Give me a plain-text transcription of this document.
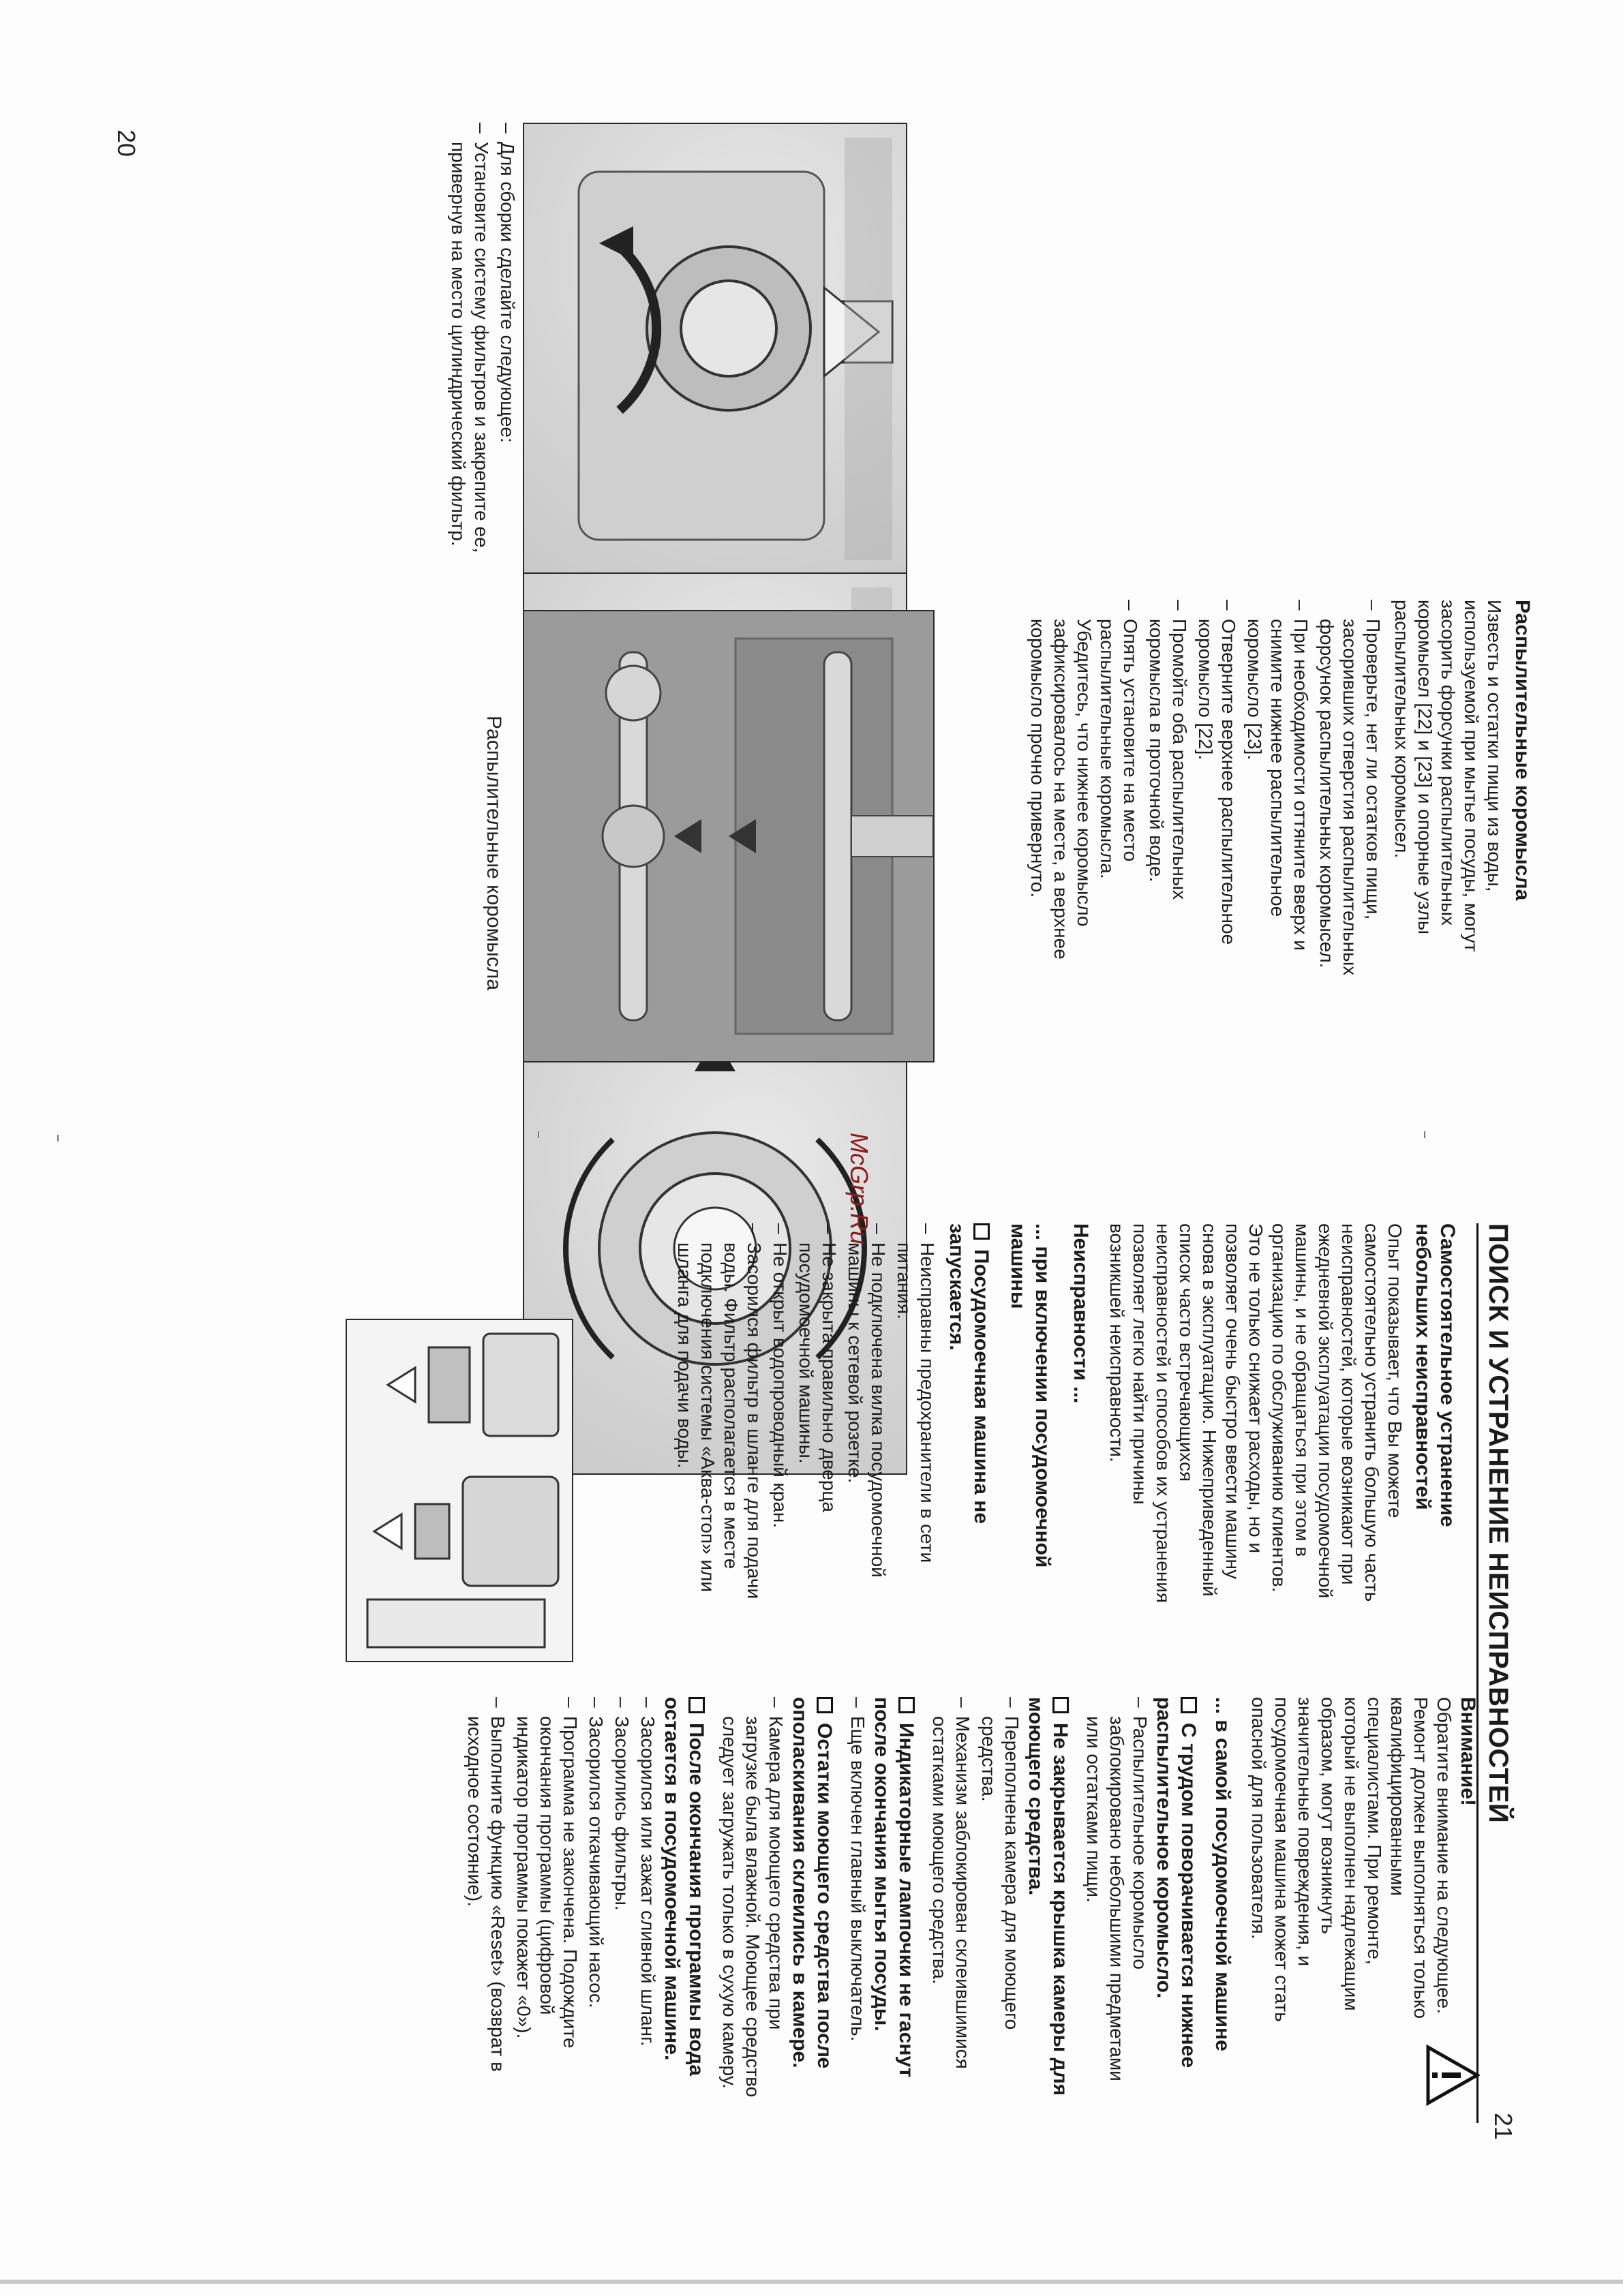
20
21
– Для сборки сделайте следующее:
– Установите систему фильтров и закрепите ее, привернув на место цилиндрический фильтр.
Распылительные коромысла
Известь и остатки пищи из воды, используемой при мытье посуды, могут засорить форсунки распылительных коромысел [22] и [23] и опорные узлы распылительных коромысел.
– Проверьте, нет ли остатков пищи, засоривших отверстия распылительных форсунок распылительных коромысел.
– При необходимости оттяните вверх и снимите нижнее распылительное коромысло [23].
– Отверните верхнее распылительное коромысло [22].
– Промойте оба распылительных коромысла в проточной воде.
– Опять установите на место распылительные коромысла. Убедитесь, что нижнее коромысло зафиксировалось на месте, а верхнее коромысло прочно привернуто.
Распылительные коромысла
McGrp.Ru
ПОИСК И УСТРАНЕНИЕ НЕИСПРАВНОСТЕЙ
Самостоятельное устранение небольших неисправностей
Опыт показывает, что Вы можете самостоятельно устранить большую часть неисправностей, которые возникают при ежедневной эксплуатации посудомоечной машины, и не обращаться при этом в организацию по обслуживанию клиентов. Это не только снижает расходы, но и позволяет очень быстро ввести машину снова в эксплуатацию. Нижеприведенный список часто встречающихся неисправностей и способов их устранения позволяет легко найти причины возникшей неисправности.
Неисправности ...
... при включении посудомоечной машины
Посудомоечная машина не запускается.
– Неисправны предохранители в сети питания.
– Не подключена вилка посудомоечной машины к сетевой розетке.
– Не закрыта правильно дверца посудомоечной машины.
– Не открыт водопроводный кран.
– Засорился фильтр в шланге для подачи воды. Фильтр располагается в месте подключения системы «Аква-стоп» или шланга для подачи воды.
Внимание!
Обратите внимание на следующее. Ремонт должен выполняться только квалифицированными специалистами. При ремонте, который не выполнен надлежащим образом, могут возникнуть значительные повреждения, и посудомоечная машина может стать опасной для пользователя.
... в самой посудомоечной машине
С трудом поворачивается нижнее распылительное коромысло.
– Распылительное коромысло заблокировано небольшими предметами или остатками пищи.
Не закрывается крышка камеры для моющего средства.
– Переполнена камера для моющего средства.
– Механизм заблокирован склеившимися остатками моющего средства.
Индикаторные лампочки не гаснут после окончания мытья посуды.
– Еще включен главный выключатель.
Остатки моющего средства после ополаскивания склеились в камере.
– Камера для моющего средства при загрузке была влажной. Моющее средство следует загружать только в сухую камеру.
После окончания программы вода остается в посудомоечной машине.
– Засорился или зажат сливной шланг.
– Засорились фильтры.
– Засорился откачивающий насос.
– Программа не закончена. Подождите окончания программы (цифровой индикатор программы покажет «0»).
– Выполните функцию «Reset» (возврат в исходное состояние).
